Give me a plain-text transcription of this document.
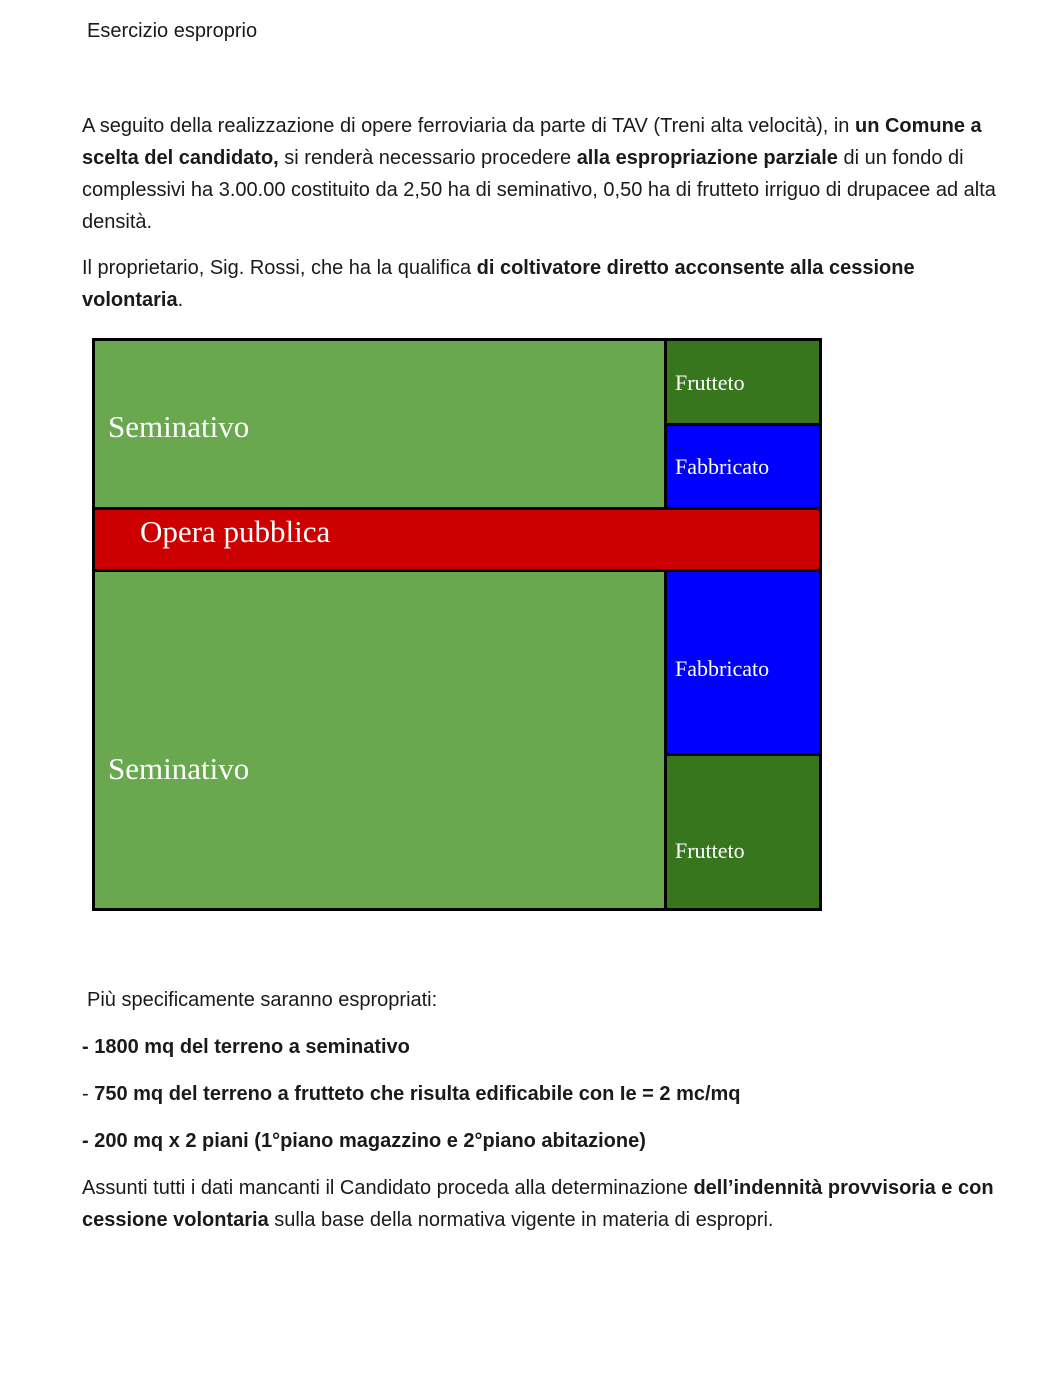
Esercizio esproprio
A seguito della realizzazione di opere ferroviaria da parte di TAV (Treni alta velocità), in un Comune a scelta del candidato, si renderà necessario procedere alla espropriazione parziale di un fondo di complessivi ha 3.00.00 costituito da 2,50 ha di seminativo, 0,50 ha di frutteto irriguo di drupacee ad alta densità.
Il proprietario, Sig. Rossi, che ha la qualifica di coltivatore diretto acconsente alla cessione volontaria.
Seminativo
Frutteto
Fabbricato
Opera pubblica
Seminativo
Fabbricato
Frutteto
Più specificamente saranno espropriati:
- 1800 mq del terreno a seminativo
- 750 mq del terreno a frutteto che risulta edificabile con Ie = 2 mc/mq
- 200 mq x 2 piani (1°piano magazzino e 2°piano abitazione)
Assunti tutti i dati mancanti il Candidato proceda alla determinazione dell’indennità provvisoria e con cessione volontaria sulla base della normativa vigente in materia di espropri.
